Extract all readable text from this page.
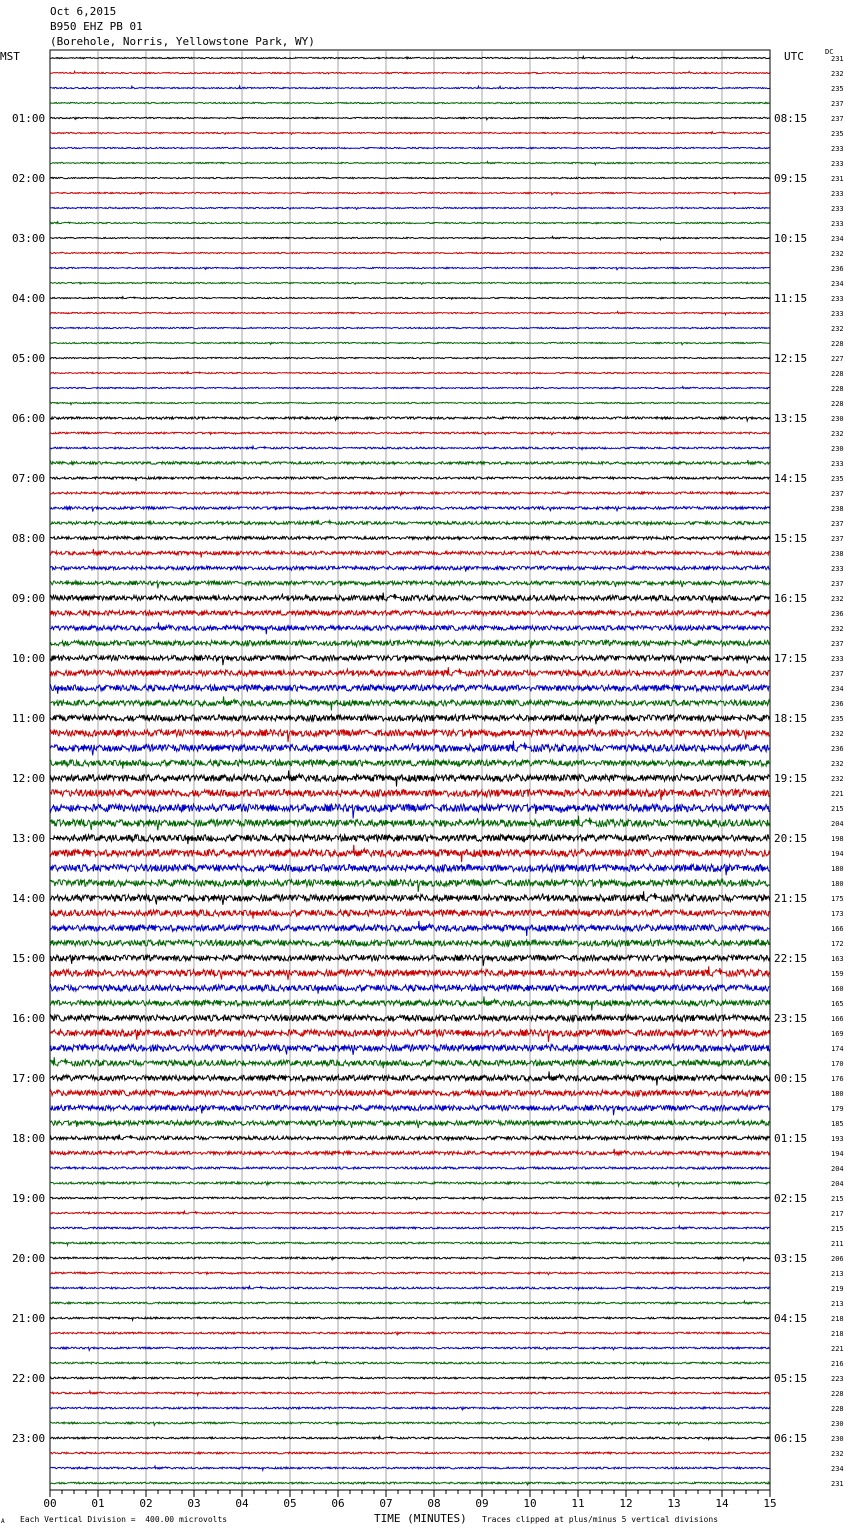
Oct 6,2015
B950 EHZ PB 01
(Borehole, Norris, Yellowstone Park, WY)
MST	UTC	DC
01:00
02:00
03:00
04:00
05:00
06:00
07:00
08:00
09:00
10:00
11:00
12:00
13:00
14:00
15:00
16:00
17:00
18:00
19:00
20:00
21:00
22:00
23:00
08:15
09:15
10:15
11:15
12:15
13:15
14:15
15:15
16:15
17:15
18:15
19:15
20:15
21:15
22:15
23:15
00:15
01:15
02:15
03:15
04:15
05:15
06:15
231
232
235
237
237
235
233
233
231
233
233
233
234
232
236
234
233
233
232
228
227
228
228
228
230
232
230
233
235
237
238
237
237
238
233
237
232
236
232
237
233
237
234
236
235
232
236
232
232
221
215
204
198
194
180
180
175
173
166
172
163
159
160
165
166
169
174
170
176
180
179
185
193
194
204
204
215
217
215
211
206
213
219
213
218
218
221
216
223
228
228
230
230
232
234
231
00	01	02	03	04	05	06	07	08	09	10	11	12	13	14	15
A Each Vertical Division =  400.00 microvolts	TIME (MINUTES) Traces clipped at plus/minus 5 vertical divisions
